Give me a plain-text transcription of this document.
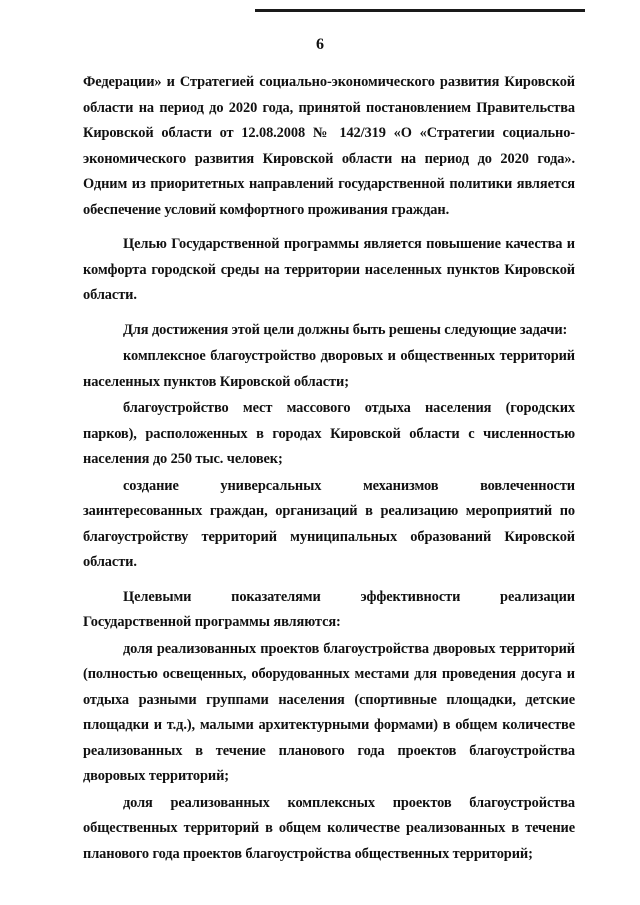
6

Федерации» и Стратегией социально-экономического развития Кировской области на период до 2020 года, принятой постановлением Правительства Кировской области от 12.08.2008 № 142/319 «О «Стратегии социально-экономического развития Кировской области на период до 2020 года». Одним из приоритетных направлений государственной политики является обеспечение условий комфортного проживания граждан.

Целью Государственной программы является повышение качества и комфорта городской среды на территории населенных пунктов Кировской области.

Для достижения этой цели должны быть решены следующие задачи:

комплексное благоустройство дворовых и общественных территорий населенных пунктов Кировской области;

благоустройство мест массового отдыха населения (городских парков), расположенных в городах Кировской области с численностью населения до 250 тыс. человек;

создание универсальных механизмов вовлеченности заинтересованных граждан, организаций в реализацию мероприятий по благоустройству территорий муниципальных образований Кировской области.

Целевыми показателями эффективности реализации Государственной программы являются:

доля реализованных проектов благоустройства дворовых территорий (полностью освещенных, оборудованных местами для проведения досуга и отдыха разными группами населения (спортивные площадки, детские площадки и т.д.), малыми архитектурными формами) в общем количестве реализованных в течение планового года проектов благоустройства дворовых территорий;

доля реализованных комплексных проектов благоустройства общественных территорий в общем количестве реализованных в течение планового года проектов благоустройства общественных территорий;
